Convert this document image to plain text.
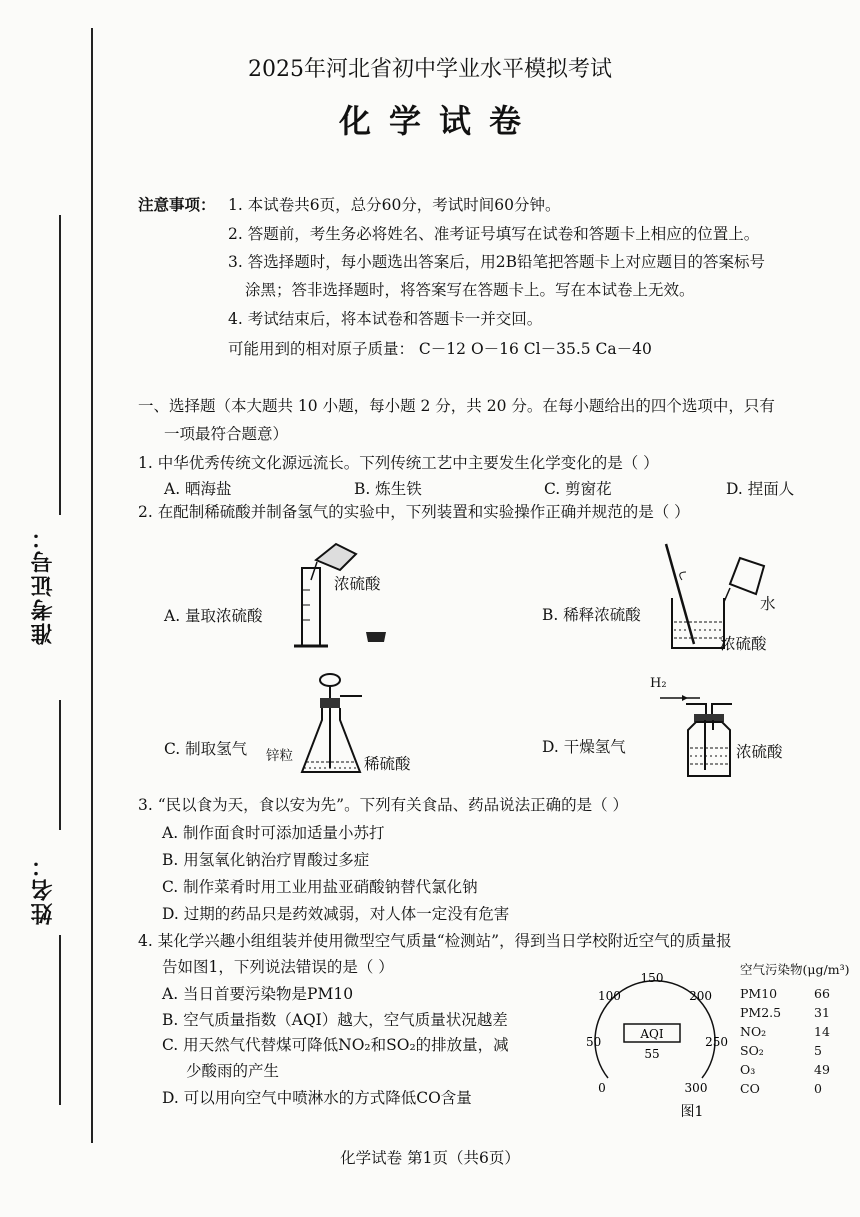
准考证号：
姓名：
2025年河北省初中学业水平模拟考试
化学试卷
注意事项： 1. 本试卷共6页，总分60分，考试时间60分钟。
2. 答题前，考生务必将姓名、准考证号填写在试卷和答题卡上相应的位置上。
3. 答选择题时，每小题选出答案后，用2B铅笔把答题卡上对应题目的答案标号
涂黑；答非选择题时，将答案写在答题卡上。写在本试卷上无效。
4. 考试结束后，将本试卷和答题卡一并交回。
可能用到的相对原子质量： C－12 O－16 Cl－35.5 Ca－40
一、选择题（本大题共 10 小题，每小题 2 分，共 20 分。在每小题给出的四个选项中，只有
一项最符合题意）
1. 中华优秀传统文化源远流长。下列传统工艺中主要发生化学变化的是（ ）
A. 晒海盐	B. 炼生铁	C. 剪窗花	D. 捏面人
2. 在配制稀硫酸并制备氢气的实验中，下列装置和实验操作正确并规范的是（ ）
A. 量取浓硫酸
浓硫酸
B. 稀释浓硫酸
水
浓硫酸
C. 制取氢气 锌粒	稀硫酸
D. 干燥氢气
H₂
浓硫酸
3. “民以食为天，食以安为先”。下列有关食品、药品说法正确的是（ ）
A. 制作面食时可添加适量小苏打
B. 用氢氧化钠治疗胃酸过多症
C. 制作菜肴时用工业用盐亚硝酸钠替代氯化钠
D. 过期的药品只是药效减弱，对人体一定没有危害
4. 某化学兴趣小组组装并使用微型空气质量“检测站”，得到当日学校附近空气的质量报
告如图1，下列说法错误的是（ ）
A. 当日首要污染物是PM10
B. 空气质量指数（AQI）越大，空气质量状况越差
C. 用天然气代替煤可降低NO₂和SO₂的排放量，减
少酸雨的产生
D. 可以用向空气中喷淋水的方式降低CO含量
AQI
55
0
50
100
150
200
250
300
图1
空气污染物(μg/m³)
PM10	66
PM2.5	31
NO₂	14
SO₂	5
O₃	49
CO	0
化学试卷 第1页（共6页）
